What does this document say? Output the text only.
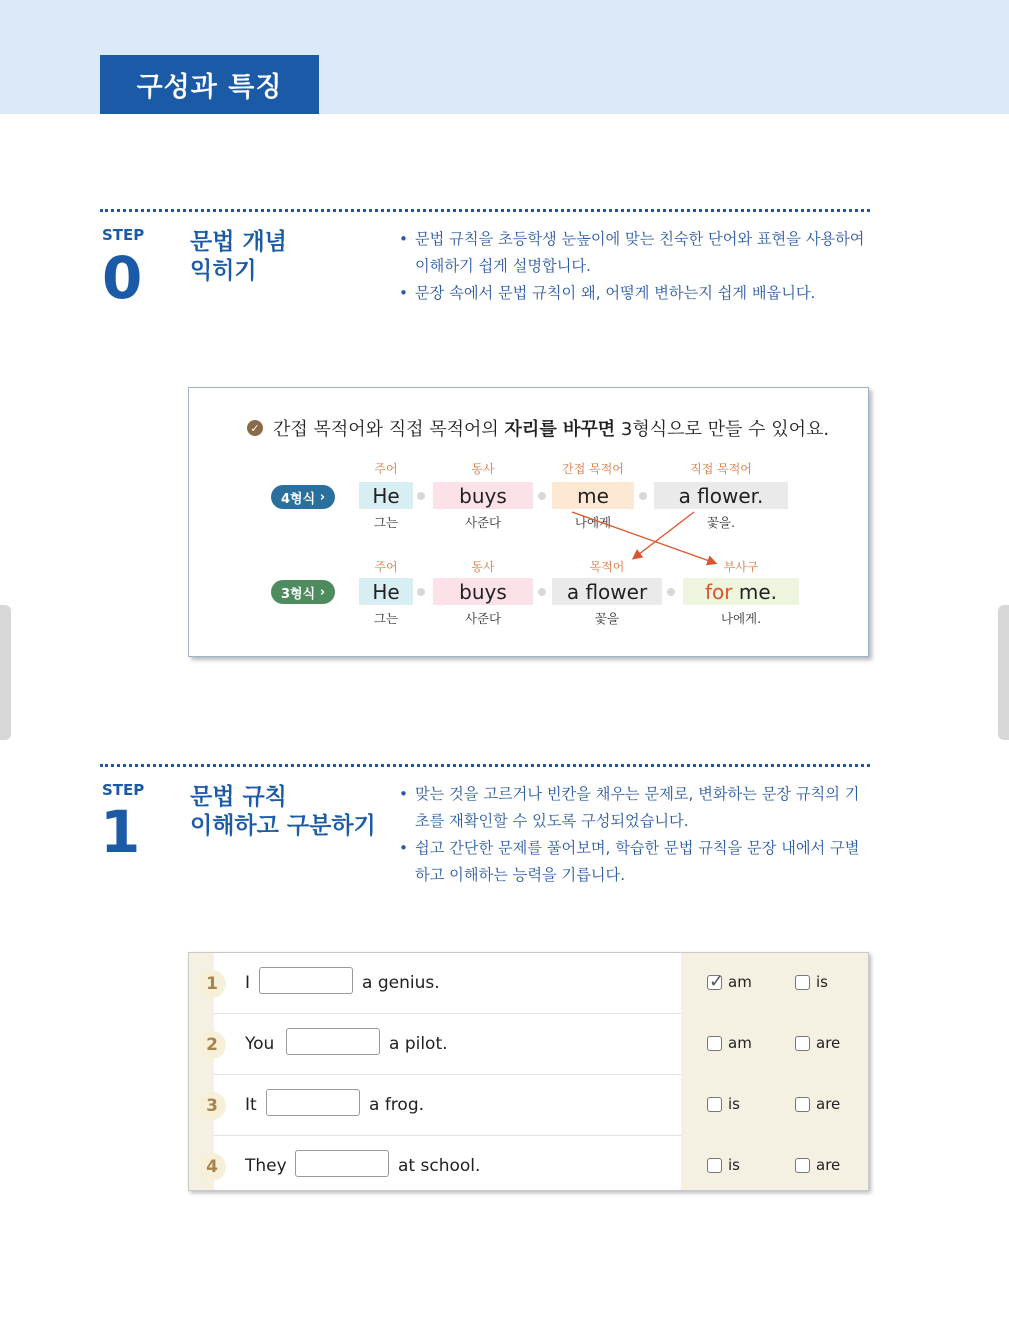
구성과 특징
STEP
0
문법 개념
익히기
• 문법 규칙을 초등학생 눈높이에 맞는 친숙한 단어와 표현을 사용하여 이해하기 쉽게 설명합니다.
• 문장 속에서 문법 규칙이 왜, 어떻게 변하는지 쉽게 배웁니다.
✓ 간접 목적어와 직접 목적어의 자리를 바꾸면 3형식으로 만들 수 있어요.
주어	동사	간접 목적어	직접 목적어
4형식 ›	He	buys	me	a flower.
그는	사준다	나에게	꽃을.
주어	동사	목적어	부사구
3형식 ›	He	buys	a flower	for
me.
그는	사준다	꽃을	나에게.
STEP
1
문법 규칙
이해하고 구분하기
• 맞는 것을 고르거나 빈칸을 채우는 문제로, 변화하는 문장 규칙의 기초를 재확인할 수 있도록 구성되었습니다.
• 쉽고 간단한 문제를 풀어보며, 학습한 문법 규칙을 문장 내에서 구별하고 이해하는 능력을 기릅니다.
1	I	a genius.
✓	am	is
2	You	a pilot.	am	are
3	It	a frog.	is	are
4	They	at school.	is	are
